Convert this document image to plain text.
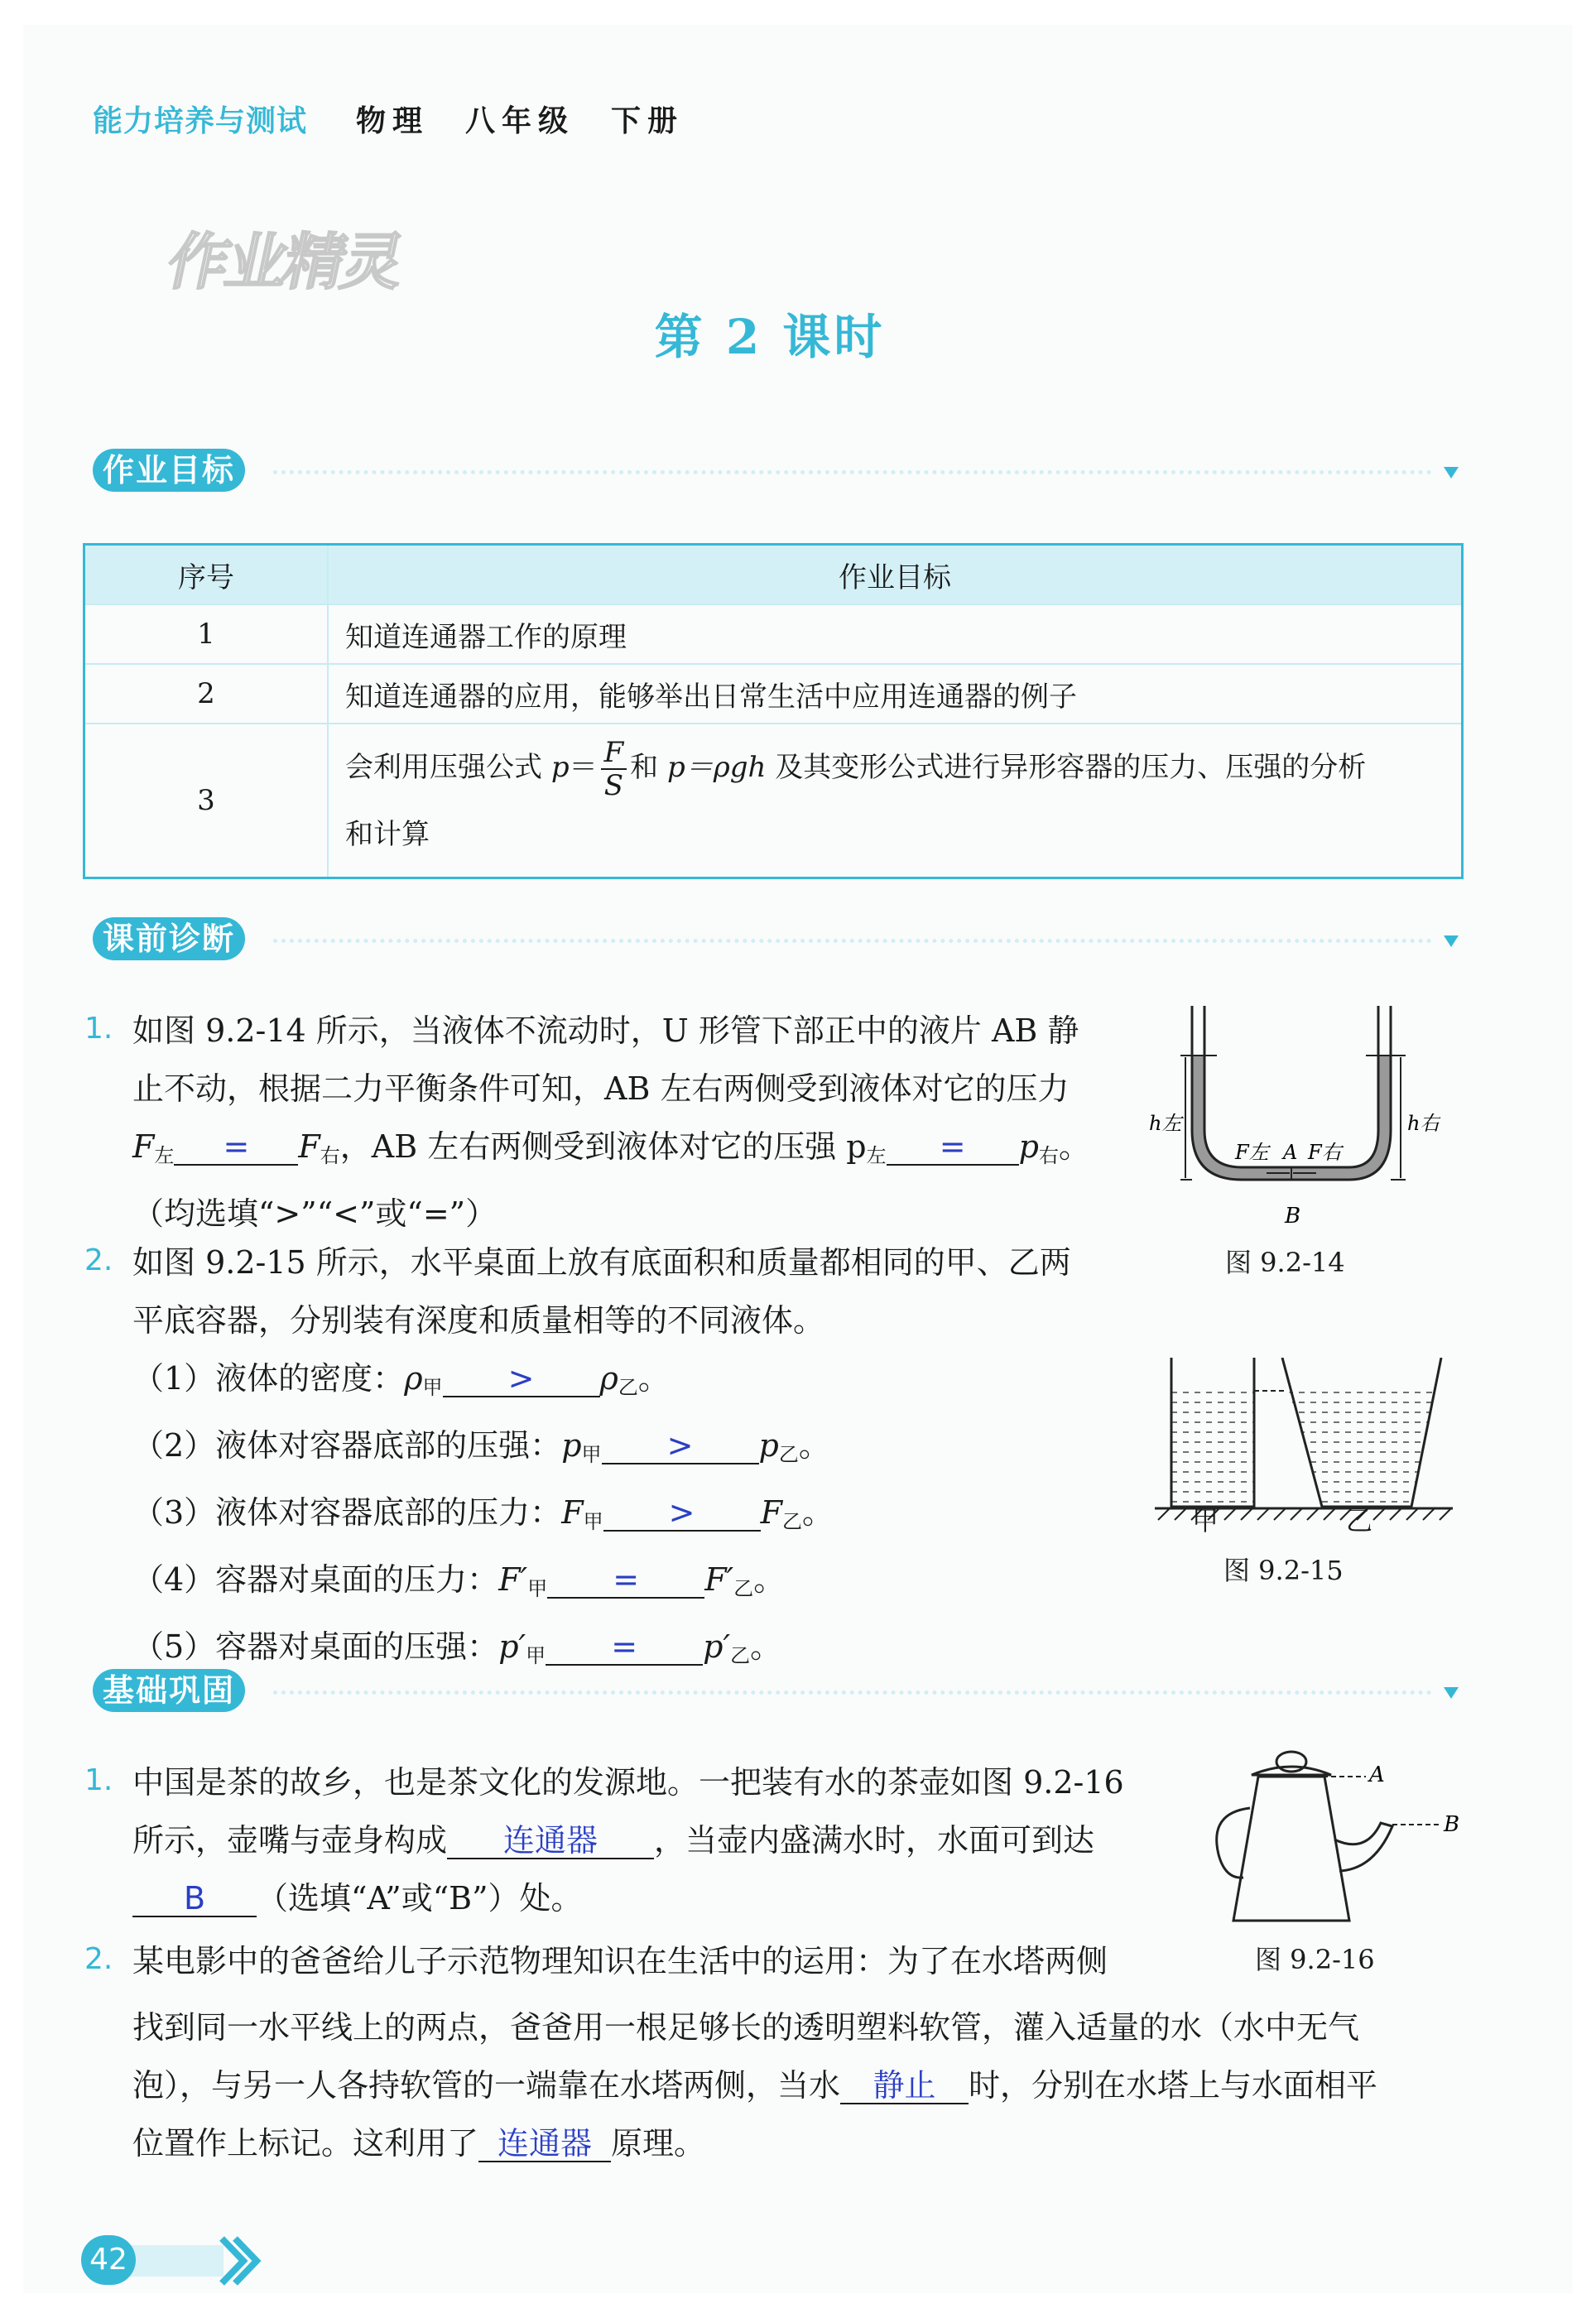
能力培养与测试 物理　八年级　下册
作业精灵
第 2 课时
作业目标
序号	作业目标
1	知道连通器工作的原理
2	知道连通器的应用，能够举出日常生活中应用连通器的例子
3	会利用压强公式 $p= \frac{F}{S}$ 和 p＝ρgh 及其变形公式进行异形容器的压力、压强的分析
和计算
课前诊断
1. 如图 9.2-14 所示，当液体不流动时，U 形管下部正中的液片 AB 静
止不动，根据二力平衡条件可知，AB 左右两侧受到液体对它的压力
$F_左 = F_右$，AB 左右两侧受到液体对它的压强 $p_左 = p_右$。
（均选填“>”“<”或“=”）
h左	h右
F左 A F右
B
图 9.2-14
2. 如图 9.2-15 所示，水平桌面上放有底面积和质量都相同的甲、乙两
平底容器，分别装有深度和质量相等的不同液体。
（1）液体的密度：$\rho_甲 > \rho_乙$。
（2）液体对容器底部的压强：$p_甲 > p_乙$。
（3）液体对容器底部的压力：$F_甲 > F_乙$。
（4）容器对桌面的压力：$F'_甲 = F'_乙$。
（5）容器对桌面的压强：$p'_甲 = p'_乙$。
甲	乙
图 9.2-15
基础巩固
1. 中国是茶的故乡，也是茶文化的发源地。一把装有水的茶壶如图 9.2-16
所示，壶嘴与壶身构成 连通器 ，当壶内盛满水时，水面可到达
B （选填“A”或“B”）处。
A
B
图 9.2-16
2. 某电影中的爸爸给儿子示范物理知识在生活中的运用：为了在水塔两侧
找到同一水平线上的两点，爸爸用一根足够长的透明塑料软管，灌入适量的水（水中无气
泡），与另一人各持软管的一端靠在水塔两侧，当水 静止 时，分别在水塔上与水面相平
位置作上标记。这利用了 连通器 原理。
42
